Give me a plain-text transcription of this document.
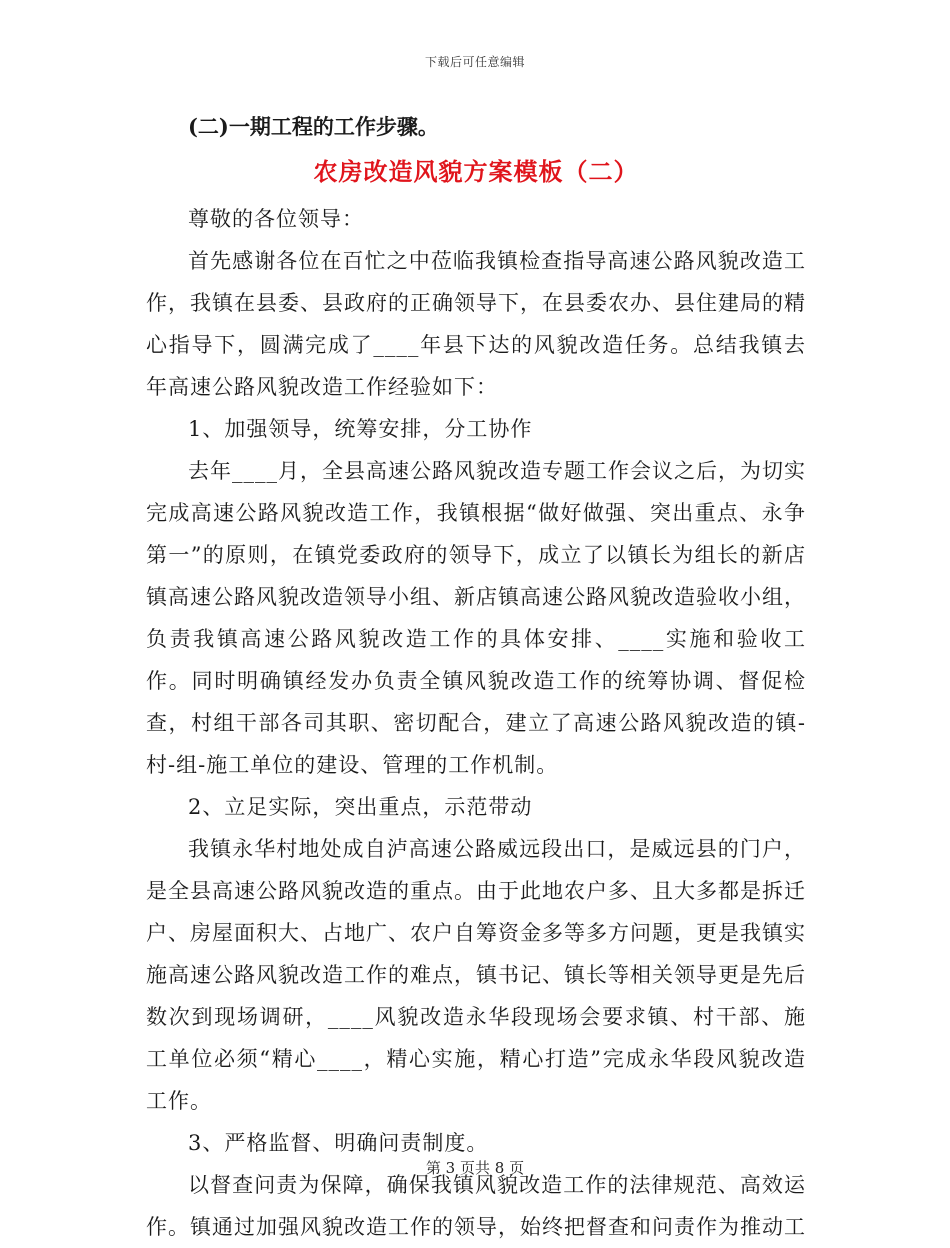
下载后可任意编辑
(二)一期工程的工作步骤。
农房改造风貌方案模板（二）

尊敬的各位领导：

首先感谢各位在百忙之中莅临我镇检查指导高速公路风貌改造工作，我镇在县委、县政府的正确领导下，在县委农办、县住建局的精心指导下，圆满完成了____年县下达的风貌改造任务。总结我镇去年高速公路风貌改造工作经验如下：

1、加强领导，统筹安排，分工协作

去年____月，全县高速公路风貌改造专题工作会议之后，为切实完成高速公路风貌改造工作，我镇根据“做好做强、突出重点、永争第一”的原则，在镇党委政府的领导下，成立了以镇长为组长的新店镇高速公路风貌改造领导小组、新店镇高速公路风貌改造验收小组，负责我镇高速公路风貌改造工作的具体安排、____实施和验收工作。同时明确镇经发办负责全镇风貌改造工作的统筹协调、督促检查，村组干部各司其职、密切配合，建立了高速公路风貌改造的镇-村-组-施工单位的建设、管理的工作机制。

2、立足实际，突出重点，示范带动

我镇永华村地处成自泸高速公路威远段出口，是威远县的门户，是全县高速公路风貌改造的重点。由于此地农户多、且大多都是拆迁户、房屋面积大、占地广、农户自筹资金多等多方问题，更是我镇实施高速公路风貌改造工作的难点，镇书记、镇长等相关领导更是先后数次到现场调研，____风貌改造永华段现场会要求镇、村干部、施工单位必须“精心____，精心实施，精心打造”完成永华段风貌改造工作。

3、严格监督、明确问责制度。

以督查问责为保障，确保我镇风貌改造工作的法律规范、高效运作。镇通过加强风貌改造工作的领导，始终把督查和问责作为推动工

第 3 页共 8 页
